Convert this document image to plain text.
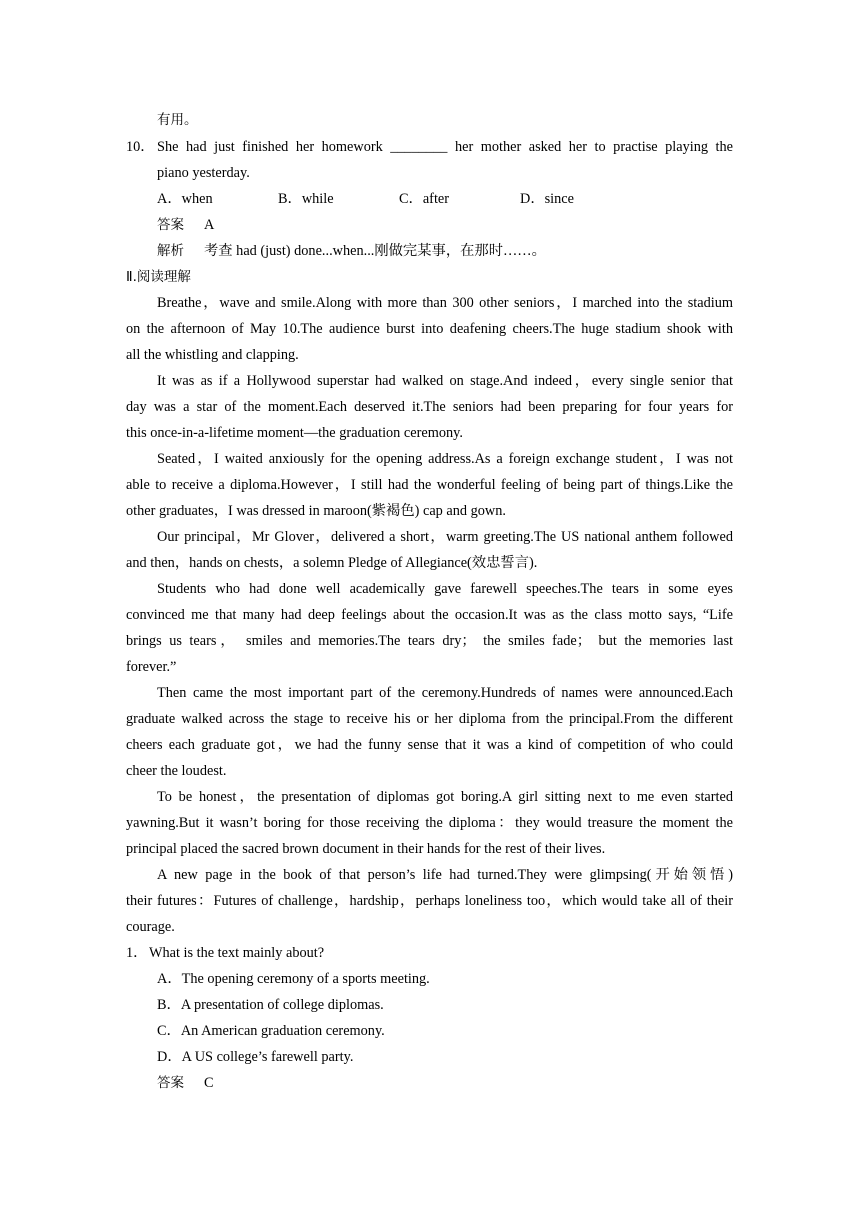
有用。
10． She had just finished her homework ________ her mother asked her to practise playing the
piano yesterday.
A．when	B．while	C．after	D．since
答案 A
解析 考查 had (just) done...when...刚做完某事，在那时……。
Ⅱ.阅读理解
Breathe，wave and smile.Along with more than 300 other seniors，I marched into the stadium
on the afternoon of May 10.The audience burst into deafening cheers.The huge stadium shook with
all the whistling and clapping.
It was as if a Hollywood superstar had walked on stage.And indeed，every single senior that
day was a star of the moment.Each deserved it.The seniors had been preparing for four years for
this once-in-a-lifetime moment—the graduation ceremony.
Seated，I waited anxiously for the opening address.As a foreign exchange student，I was not
able to receive a diploma.However，I still had the wonderful feeling of being part of things.Like the
other graduates，I was dressed in maroon(紫褐色) cap and gown.
Our principal，Mr Glover，delivered a short，warm greeting.The US national anthem followed
and then，hands on chests，a solemn Pledge of Allegiance(效忠誓言).
Students who had done well academically gave farewell speeches.The tears in some eyes
convinced me that many had deep feelings about the occasion.It was as the class motto says, “Life
brings us tears， smiles and memories.The tears dry； the smiles fade； but the memories last
forever.”
Then came the most important part of the ceremony.Hundreds of names were announced.Each
graduate walked across the stage to receive his or her diploma from the principal.From the different
cheers each graduate got，we had the funny sense that it was a kind of competition of who could
cheer the loudest.
To be honest，the presentation of diplomas got boring.A girl sitting next to me even started
yawning.But it wasn’t boring for those receiving the diploma：they would treasure the moment the
principal placed the sacred brown document in their hands for the rest of their lives.
A new page in the book of that person’s life had turned.They were glimpsing(开始领悟)
their futures：Futures of challenge，hardship，perhaps loneliness too，which would take all of their
courage.
1． What is the text mainly about?
A．The opening ceremony of a sports meeting.
B．A presentation of college diplomas.
C．An American graduation ceremony.
D．A US college’s farewell party.
答案 C
